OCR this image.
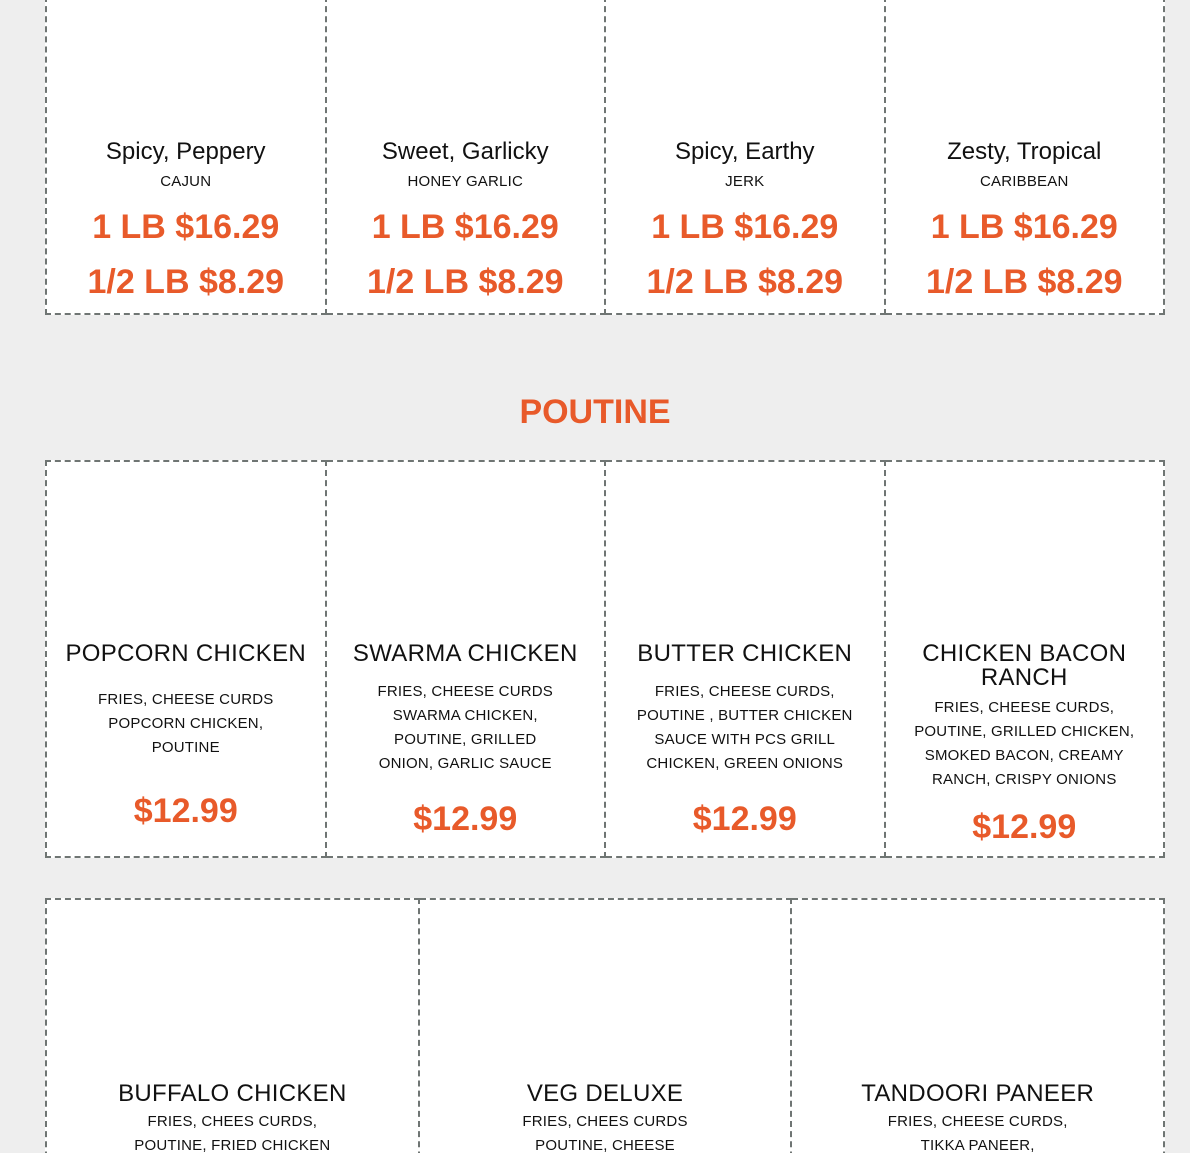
Spicy, Peppery
CAJUN
1 LB $16.29
1/2 LB $8.29
Sweet, Garlicky
HONEY GARLIC
1 LB $16.29
1/2 LB $8.29
Spicy, Earthy
JERK
1 LB $16.29
1/2 LB $8.29
Zesty, Tropical
CARIBBEAN
1 LB $16.29
1/2 LB $8.29
POUTINE
POPCORN CHICKEN
FRIES, CHEESE CURDS POPCORN CHICKEN, POUTINE
$12.99
SWARMA CHICKEN
FRIES, CHEESE CURDS SWARMA CHICKEN, POUTINE, GRILLED ONION, GARLIC SAUCE
$12.99
BUTTER CHICKEN
FRIES, CHEESE CURDS, POUTINE , BUTTER CHICKEN SAUCE WITH PCS GRILL CHICKEN, GREEN ONIONS
$12.99
CHICKEN BACON RANCH
FRIES, CHEESE CURDS, POUTINE, GRILLED CHICKEN, SMOKED BACON, CREAMY RANCH, CRISPY ONIONS
$12.99
BUFFALO CHICKEN
FRIES, CHEES CURDS, POUTINE, FRIED CHICKEN
VEG DELUXE
FRIES, CHEES CURDS POUTINE, CHEESE
TANDOORI PANEER
FRIES, CHEESE CURDS, TIKKA PANEER,
